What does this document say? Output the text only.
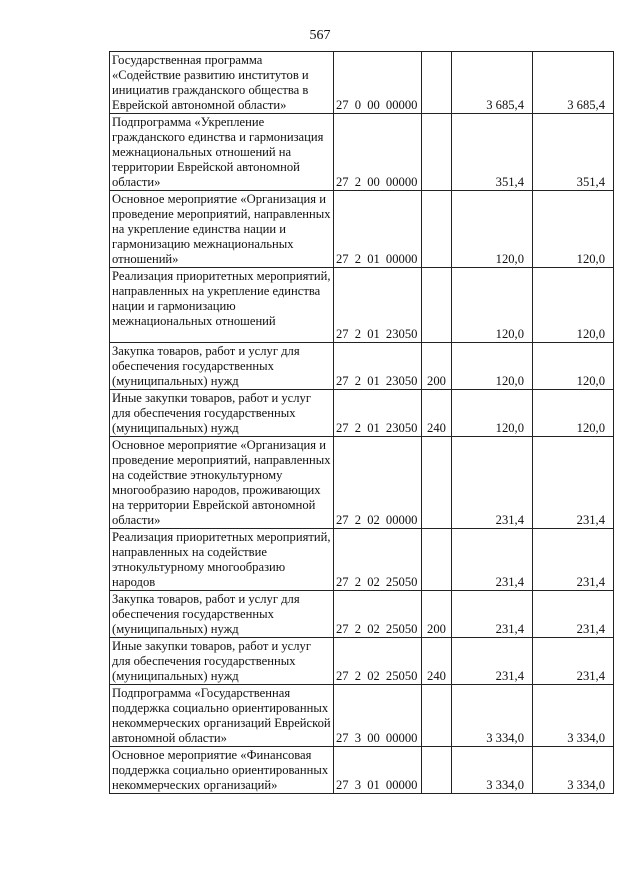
567
Государственная программа «Содействие развитию институтов и инициатив гражданского общества в Еврейской автономной области»	27 0 00 00000		3 685,4	3 685,4

Подпрограмма «Укрепление гражданского единства и гармонизация межнациональных отношений на территории Еврейской автономной области»	27 2 00 00000		351,4	351,4

Основное мероприятие «Организация и проведение мероприятий, направленных на укрепление единства нации и гармонизацию межнациональных отношений»	27 2 01 00000		120,0	120,0

Реализация приоритетных мероприятий, направленных на укрепление единства нации и гармонизацию межнациональных отношений	27 2 01 23050		120,0	120,0

Закупка товаров, работ и услуг для обеспечения государственных (муниципальных) нужд	27 2 01 23050	200	120,0	120,0

Иные закупки товаров, работ и услуг для обеспечения государственных (муниципальных) нужд	27 2 01 23050	240	120,0	120,0

Основное мероприятие «Организация и проведение мероприятий, направленных на содействие этнокультурному многообразию народов, проживающих на территории Еврейской автономной области»	27 2 02 00000		231,4	231,4

Реализация приоритетных мероприятий, направленных на содействие этнокультурному многообразию народов	27 2 02 25050		231,4	231,4

Закупка товаров, работ и услуг для обеспечения государственных (муниципальных) нужд	27 2 02 25050	200	231,4	231,4

Иные закупки товаров, работ и услуг для обеспечения государственных (муниципальных) нужд	27 2 02 25050	240	231,4	231,4

Подпрограмма «Государственная поддержка социально ориентированных некоммерческих организаций Еврейской автономной области»	27 3 00 00000		3 334,0	3 334,0

Основное мероприятие «Финансовая поддержка социально ориентированных некоммерческих организаций»	27 3 01 00000		3 334,0	3 334,0
